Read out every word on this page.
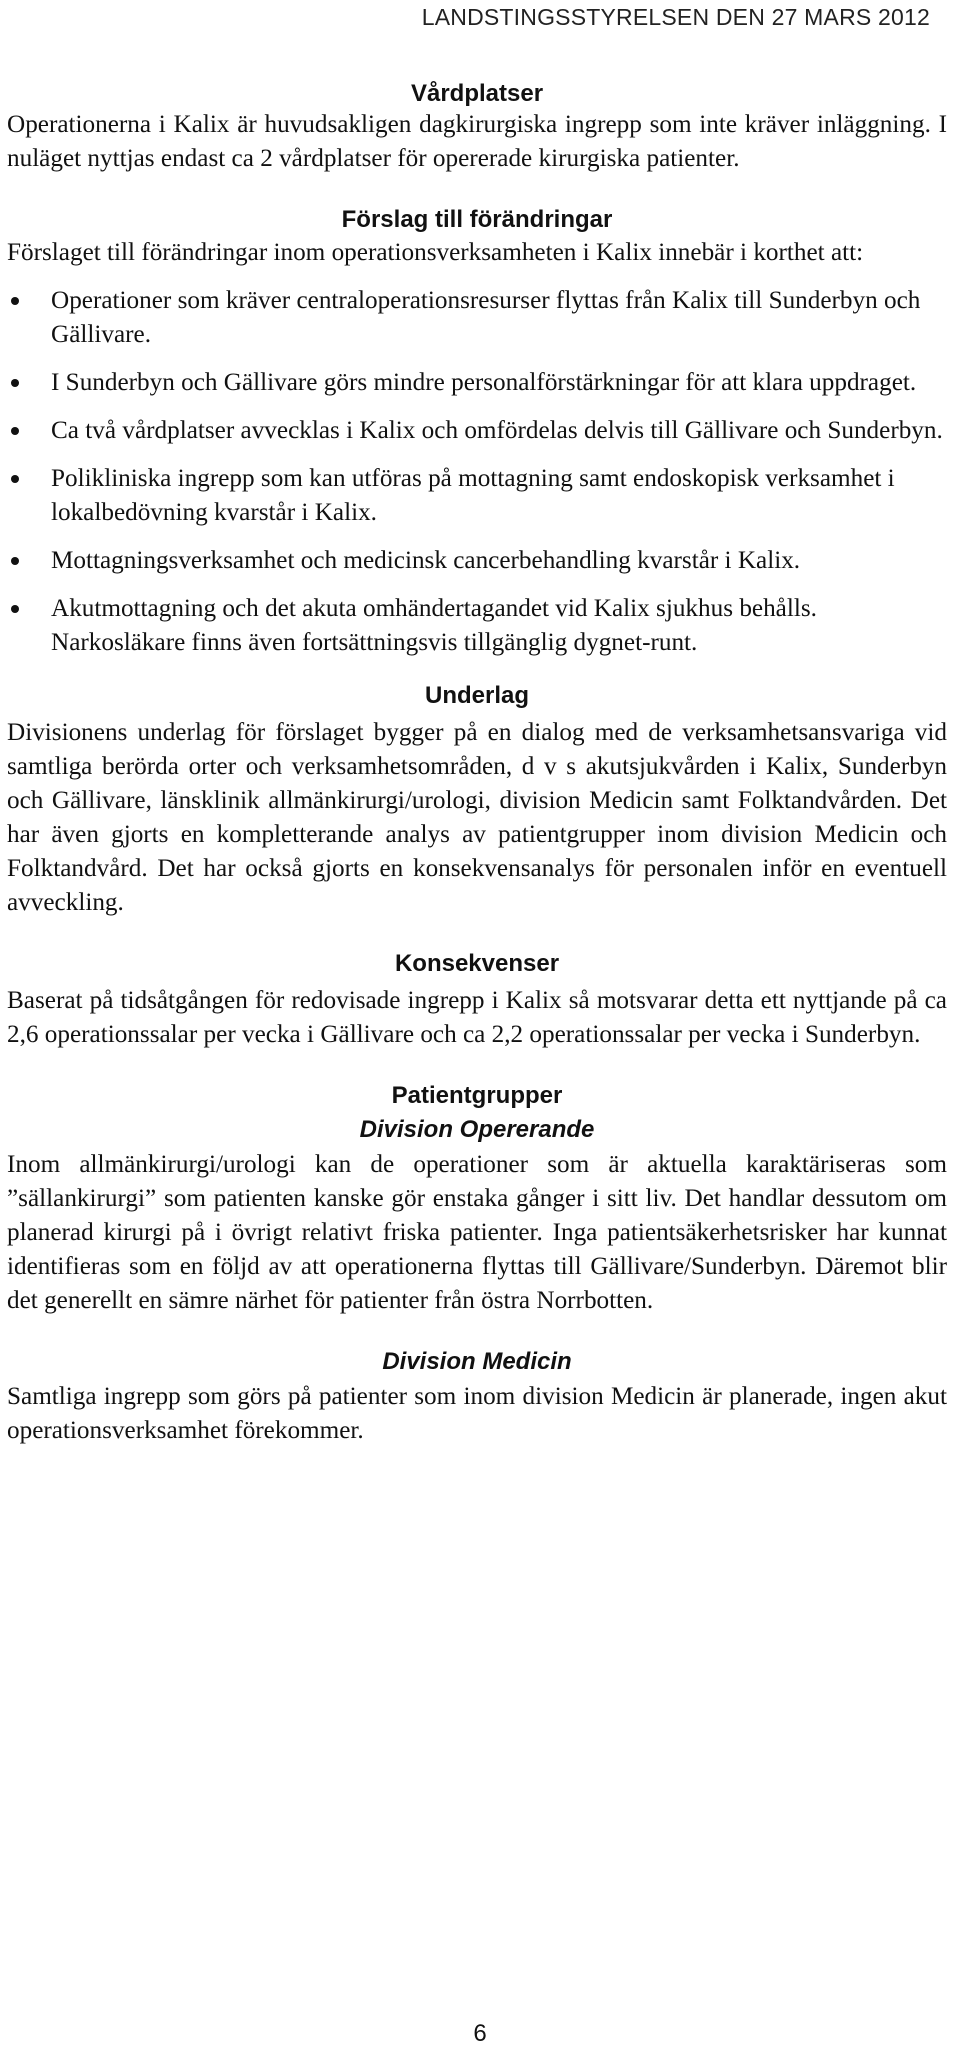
LANDSTINGSSTYRELSEN DEN 27 MARS 2012
Vårdplatser

Operationerna i Kalix är huvudsakligen dagkirurgiska ingrepp som inte kräver inläggning. I nuläget nyttjas endast ca 2 vårdplatser för opererade kirurgiska patienter.

Förslag till förändringar

Förslaget till förändringar inom operationsverksamheten i Kalix innebär i korthet att:

Operationer som kräver centraloperationsresurser flyttas från Kalix till Sunderbyn och Gällivare.
I Sunderbyn och Gällivare görs mindre personalförstärkningar för att klara uppdraget.
Ca två vårdplatser avvecklas i Kalix och omfördelas delvis till Gällivare och Sunderbyn.
Polikliniska ingrepp som kan utföras på mottagning samt endoskopisk verksamhet i lokalbedövning kvarstår i Kalix.
Mottagningsverksamhet och medicinsk cancerbehandling kvarstår i Kalix.
Akutmottagning och det akuta omhändertagandet vid Kalix sjukhus behålls. Narkosläkare finns även fortsättningsvis tillgänglig dygnet-runt.
Underlag

Divisionens underlag för förslaget bygger på en dialog med de verksamhetsansvariga vid samtliga berörda orter och verksamhetsområden, d v s akutsjukvården i Kalix, Sunderbyn och Gällivare, länsklinik allmänkirurgi/urologi, division Medicin samt Folktandvården. Det har även gjorts en kompletterande analys av patientgrupper inom division Medicin och Folktandvård. Det har också gjorts en konsekvensanalys för personalen inför en eventuell avveckling.

Konsekvenser

Baserat på tidsåtgången för redovisade ingrepp i Kalix så motsvarar detta ett nyttjande på ca 2,6 operationssalar per vecka i Gällivare och ca 2,2 operationssalar per vecka i Sunderbyn.

Patientgrupper
Division Opererande

Inom allmänkirurgi/urologi kan de operationer som är aktuella karaktäriseras som ”sällankirurgi” som patienten kanske gör enstaka gånger i sitt liv. Det handlar dessutom om planerad kirurgi på i övrigt relativt friska patienter. Inga patientsäkerhetsrisker har kunnat identifieras som en följd av att operationerna flyttas till Gällivare/Sunderbyn. Däremot blir det generellt en sämre närhet för patienter från östra Norrbotten.

Division Medicin

Samtliga ingrepp som görs på patienter som inom division Medicin är planerade, ingen akut operationsverksamhet förekommer.

6
